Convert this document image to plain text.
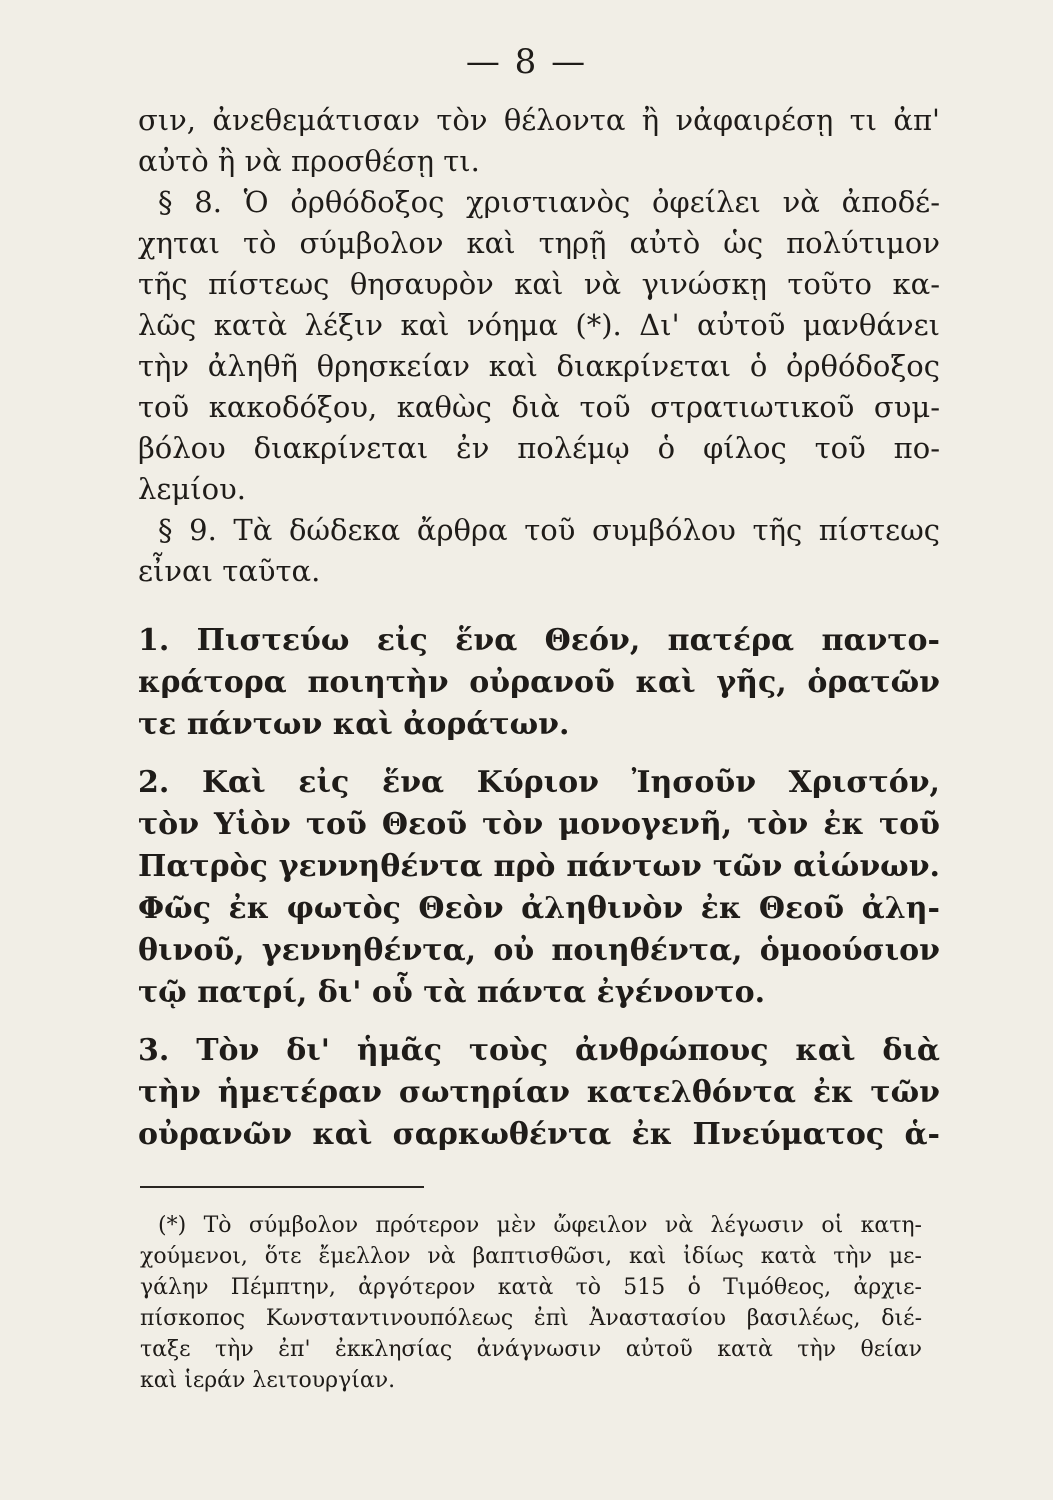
— 8 —
σιν, ἀνεθεμάτισαν τὸν θέλοντα ἢ νἀφαιρέσῃ τι ἀπ'
αὐτὸ ἢ νὰ προσθέσῃ τι.
§ 8. Ὁ ὀρθόδοξος χριστιανὸς ὀφείλει νὰ ἀποδέ-
χηται τὸ σύμβολον καὶ τηρῇ αὐτὸ ὡς πολύτιμον
τῆς πίστεως θησαυρὸν καὶ νὰ γινώσκῃ τοῦτο κα-
λῶς κατὰ λέξιν καὶ νόημα (*). Δι' αὐτοῦ μανθάνει
τὴν ἀληθῆ θρησκείαν καὶ διακρίνεται ὁ ὀρθόδοξος
τοῦ κακοδόξου, καθὼς διὰ τοῦ στρατιωτικοῦ συμ-
βόλου διακρίνεται ἐν πολέμῳ ὁ φίλος τοῦ πο-
λεμίου.
§ 9. Τὰ δώδεκα ἄρθρα τοῦ συμβόλου τῆς πίστεως
εἶναι ταῦτα.
1. Πιστεύω εἰς ἕνα Θεόν, πατέρα παντο-
κράτορα ποιητὴν οὐρανοῦ καὶ γῆς, ὁρατῶν
τε πάντων καὶ ἀοράτων.
2. Καὶ εἰς ἕνα Κύριον Ἰησοῦν Χριστόν,
τὸν Υἱὸν τοῦ Θεοῦ τὸν μονογενῆ, τὸν ἐκ τοῦ
Πατρὸς γεννηθέντα πρὸ πάντων τῶν αἰώνων.
Φῶς ἐκ φωτὸς Θεὸν ἀληθινὸν ἐκ Θεοῦ ἀλη-
θινοῦ, γεννηθέντα, οὐ ποιηθέντα, ὁμοούσιον
τῷ πατρί, δι' οὗ τὰ πάντα ἐγένοντο.
3. Τὸν δι' ἡμᾶς τοὺς ἀνθρώπους καὶ διὰ
τὴν ἡμετέραν σωτηρίαν κατελθόντα ἐκ τῶν
οὐρανῶν καὶ σαρκωθέντα ἐκ Πνεύματος ἁ-
(*) Τὸ σύμβολον πρότερον μὲν ὤφειλον νὰ λέγωσιν οἱ κατη-
χούμενοι, ὅτε ἔμελλον νὰ βαπτισθῶσι, καὶ ἰδίως κατὰ τὴν με-
γάλην Πέμπτην, ἀργότερον κατὰ τὸ 515 ὁ Τιμόθεος, ἀρχιε-
πίσκοπος Κωνσταντινουπόλεως ἐπὶ Ἀναστασίου βασιλέως, διέ-
ταξε τὴν ἐπ' ἐκκλησίας ἀνάγνωσιν αὐτοῦ κατὰ τὴν θείαν
καὶ ἱεράν λειτουργίαν.
